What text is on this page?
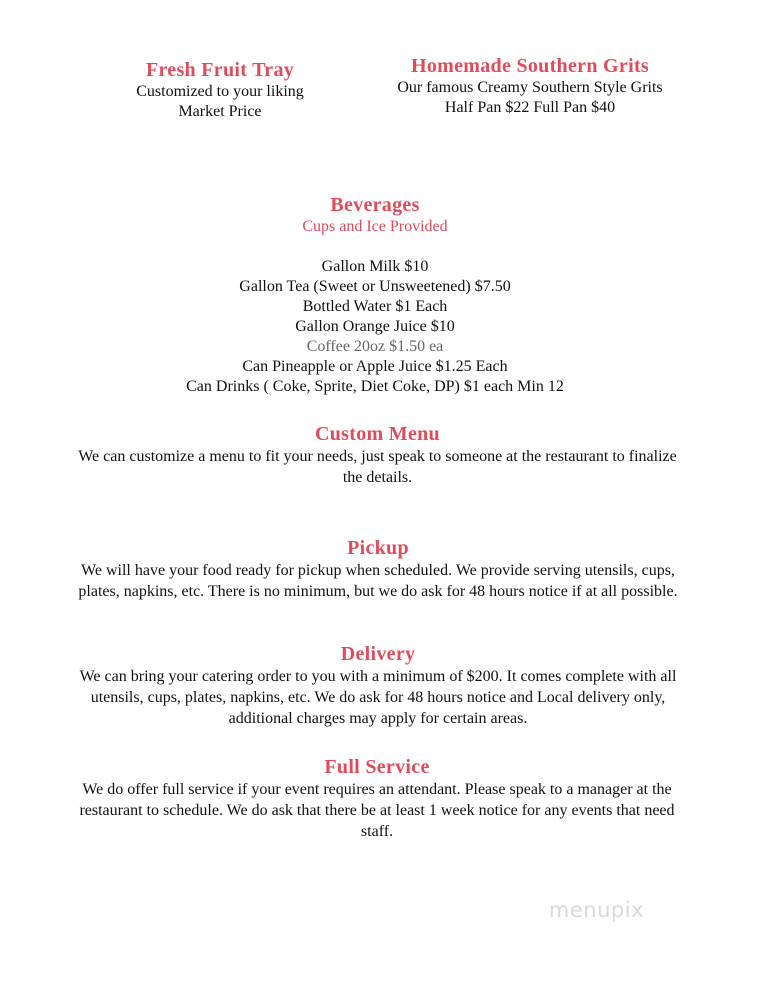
Fresh Fruit Tray
Customized to your liking
Market Price
Homemade Southern Grits
Our famous Creamy Southern Style Grits
Half Pan $22 Full Pan $40
Beverages
Cups and Ice Provided
Gallon Milk $10
Gallon Tea (Sweet or Unsweetened) $7.50
Bottled Water $1 Each
Gallon Orange Juice $10
Coffee 20oz $1.50 ea
Can Pineapple or Apple Juice $1.25 Each
Can Drinks ( Coke, Sprite, Diet Coke, DP) $1 each Min 12
Custom Menu
We can customize a menu to fit your needs, just speak to someone at the restaurant to finalize the details.
Pickup
We will have your food ready for pickup when scheduled. We provide serving utensils, cups, plates, napkins, etc. There is no minimum, but we do ask for 48 hours notice if at all possible.
Delivery
We can bring your catering order to you with a minimum of $200. It comes complete with all utensils, cups, plates, napkins, etc. We do ask for 48 hours notice and Local delivery only, additional charges may apply for certain areas.
Full Service
We do offer full service if your event requires an attendant. Please speak to a manager at the restaurant to schedule. We do ask that there be at least 1 week notice for any events that need staff.
menupix
